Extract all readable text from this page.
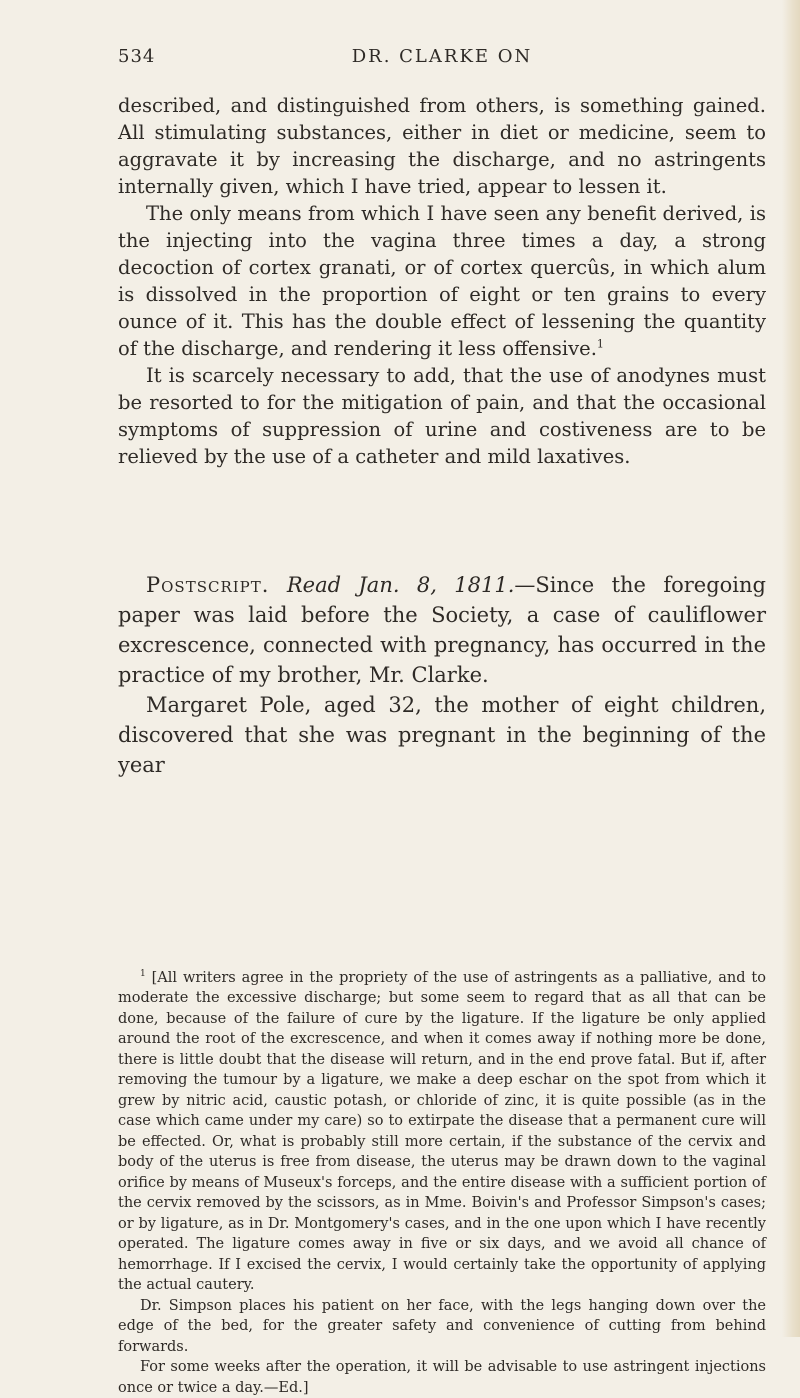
534	DR. CLARKE ON

described, and distinguished from others, is something gained. All stimulating substances, either in diet or medicine, seem to aggravate it by increasing the discharge, and no astringents internally given, which I have tried, appear to lessen it.

The only means from which I have seen any benefit derived, is the injecting into the vagina three times a day, a strong decoction of cortex granati, or of cortex quercûs, in which alum is dissolved in the proportion of eight or ten grains to every ounce of it. This has the double effect of lessening the quantity of the discharge, and rendering it less offensive.$^1$

It is scarcely necessary to add, that the use of anodynes must be resorted to for the mitigation of pain, and that the occasional symptoms of suppression of urine and costiveness are to be relieved by the use of a catheter and mild laxatives.

Postscript. Read Jan. 8, 1811.—Since the foregoing paper was laid before the Society, a case of cauliflower excrescence, connected with pregnancy, has occurred in the practice of my brother, Mr. Clarke.

Margaret Pole, aged 32, the mother of eight children, discovered that she was pregnant in the beginning of the year

$^1$ [All writers agree in the propriety of the use of astringents as a palliative, and to moderate the excessive discharge; but some seem to regard that as all that can be done, because of the failure of cure by the ligature. If the ligature be only applied around the root of the excrescence, and when it comes away if nothing more be done, there is little doubt that the disease will return, and in the end prove fatal. But if, after removing the tumour by a ligature, we make a deep eschar on the spot from which it grew by nitric acid, caustic potash, or chloride of zinc, it is quite possible (as in the case which came under my care) so to extirpate the disease that a permanent cure will be effected. Or, what is probably still more certain, if the substance of the cervix and body of the uterus is free from disease, the uterus may be drawn down to the vaginal orifice by means of Museux's forceps, and the entire disease with a sufficient portion of the cervix removed by the scissors, as in Mme. Boivin's and Professor Simpson's cases; or by ligature, as in Dr. Montgomery's cases, and in the one upon which I have recently operated. The ligature comes away in five or six days, and we avoid all chance of hemorrhage. If I excised the cervix, I would certainly take the opportunity of applying the actual cautery.

Dr. Simpson places his patient on her face, with the legs hanging down over the edge of the bed, for the greater safety and convenience of cutting from behind forwards.

For some weeks after the operation, it will be advisable to use astringent injections once or twice a day.—Ed.]
